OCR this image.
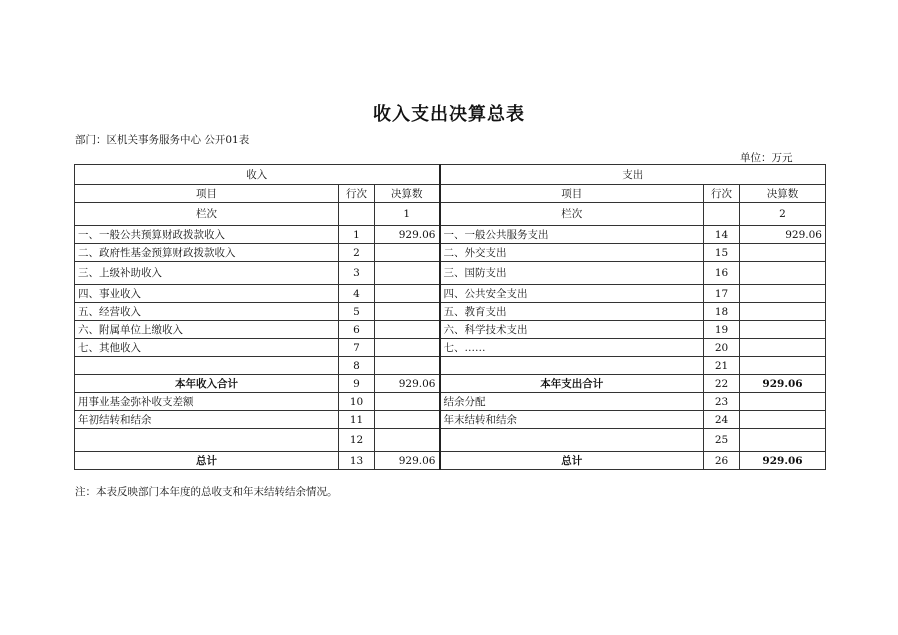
收入支出决算总表
部门：区机关事务服务中心 公开01表
单位：万元
收入			支出		
项目	行次	决算数	项目	行次	决算数
栏次		1	栏次		2
一、一般公共预算财政拨款收入	1	929.06	一、一般公共服务支出	14	929.06
二、政府性基金预算财政拨款收入	2		二、外交支出	15	
三、上级补助收入	3		三、国防支出	16	
四、事业收入	4		四、公共安全支出	17	
五、经营收入	5		五、教育支出	18	
六、附属单位上缴收入	6		六、科学技术支出	19	
七、其他收入	7		七、……	20	
	8			21	
本年收入合计	9	929.06	本年支出合计	22	929.06
用事业基金弥补收支差额	10		结余分配	23	
年初结转和结余	11		年末结转和结余	24	
	12			25	
总计	13	929.06	总计	26	929.06
注：本表反映部门本年度的总收支和年末结转结余情况。
